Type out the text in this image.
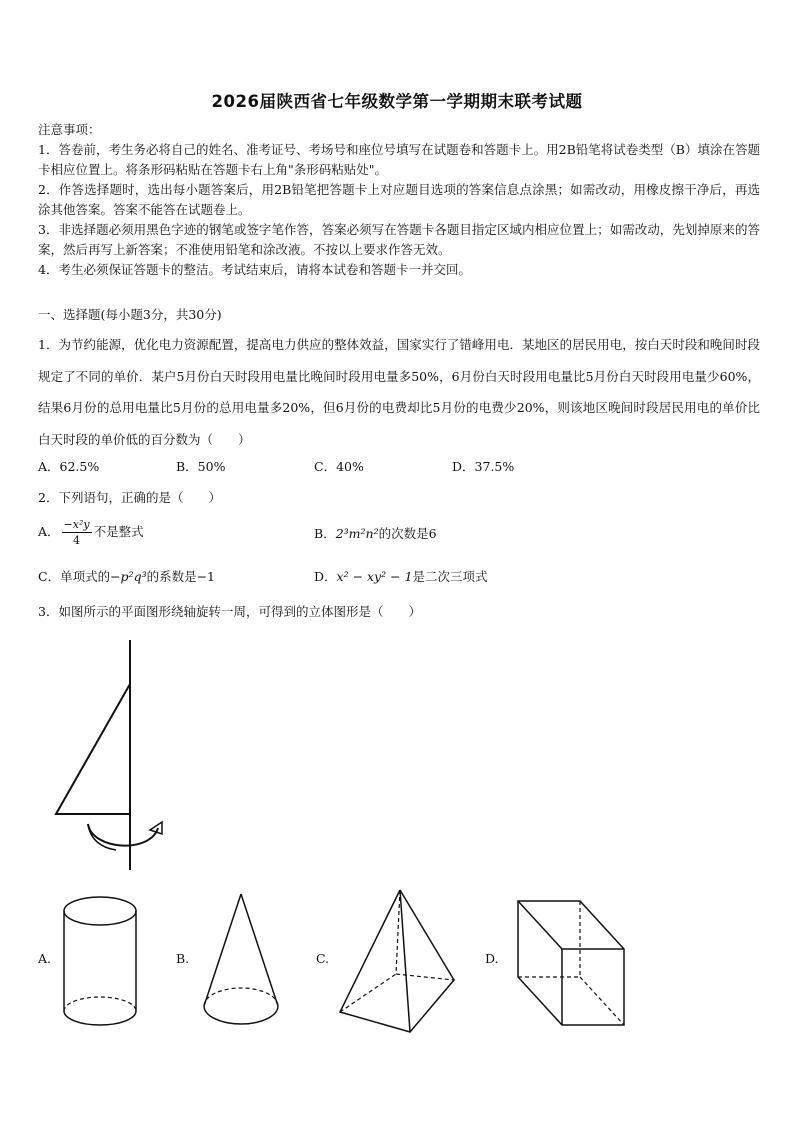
2026届陕西省七年级数学第一学期期末联考试题

注意事项：

1．答卷前，考生务必将自己的姓名、准考证号、考场号和座位号填写在试题卷和答题卡上。用2B铅笔将试卷类型（B）填涂在答题卡相应位置上。将条形码粘贴在答题卡右上角"条形码粘贴处"。

2．作答选择题时，选出每小题答案后，用2B铅笔把答题卡上对应题目选项的答案信息点涂黑；如需改动，用橡皮擦干净后，再选涂其他答案。答案不能答在试题卷上。

3．非选择题必须用黑色字迹的钢笔或签字笔作答，答案必须写在答题卡各题目指定区域内相应位置上；如需改动，先划掉原来的答案，然后再写上新答案；不准使用铅笔和涂改液。不按以上要求作答无效。

4．考生必须保证答题卡的整洁。考试结束后，请将本试卷和答题卡一并交回。

一、选择题(每小题3分，共30分)
1．为节约能源，优化电力资源配置，提高电力供应的整体效益，国家实行了错峰用电．某地区的居民用电，按白天时段和晚间时段规定了不同的单价．某户5月份白天时段用电量比晚间时段用电量多50%，6月份白天时段用电量比5月份白天时段用电量少60%，结果6月份的总用电量比5月份的总用电量多20%，但6月份的电费却比5月份的电费少20%，则该地区晚间时段居民用电的单价比白天时段的单价低的百分数为（　　）
A．62.5%	B．50%	C．40%	D．37.5%
2．下列语句，正确的是（　　）
A． $\frac{\text{−x²y}}{4}$ 不是整式	B．2³m²n²的次数是6
C．单项式的−p²q³的系数是−1	D．x² − xy² − 1是二次三项式
3．如图所示的平面图形绕轴旋转一周，可得到的立体图形是（　　）
A.	B.	C.	D.
